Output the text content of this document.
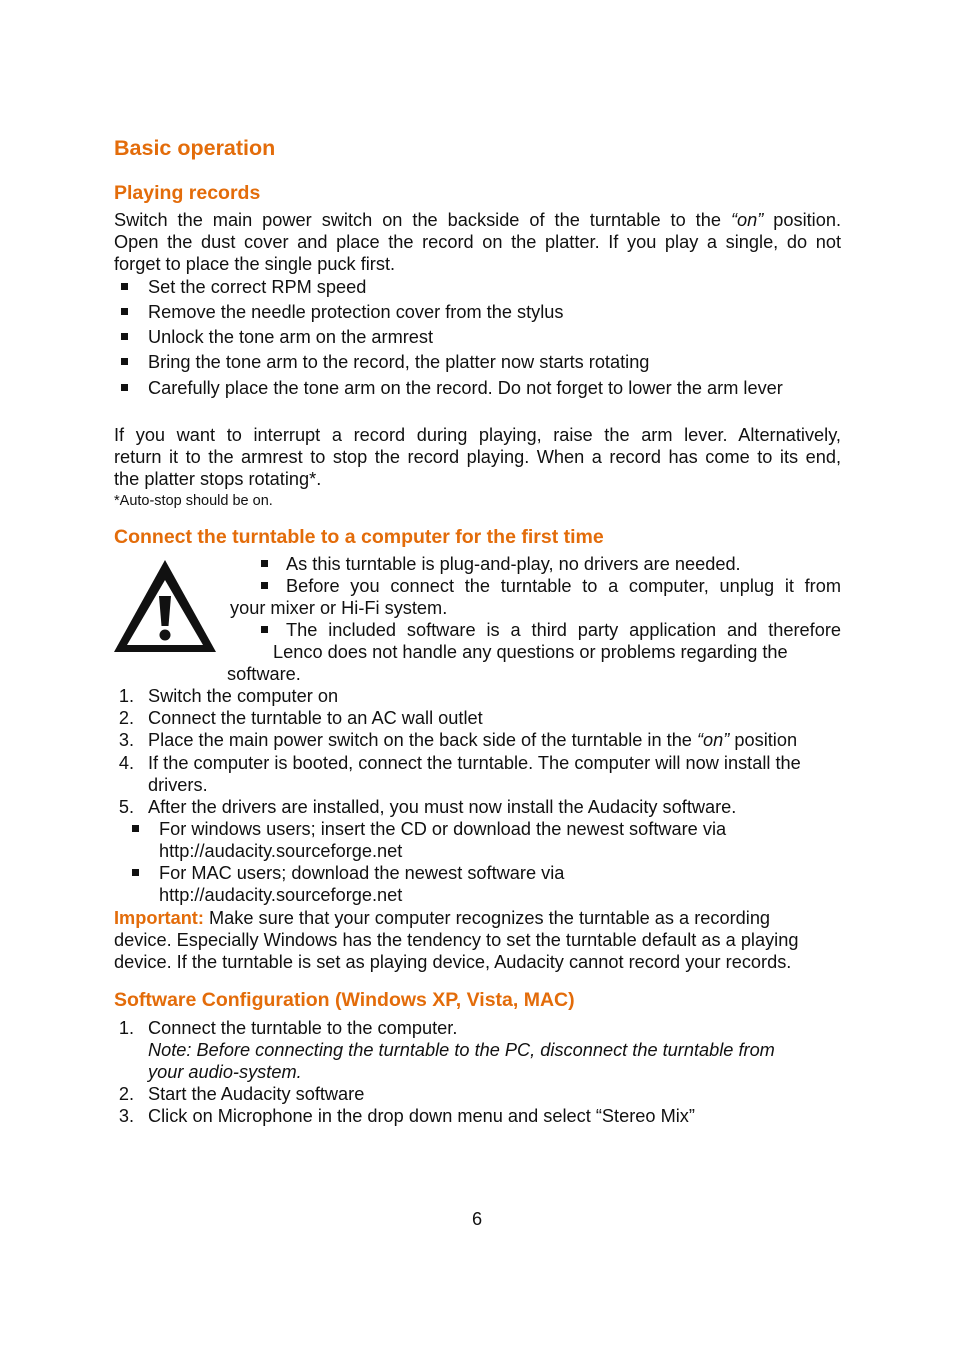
Basic operation
Playing records
Switch the main power switch on the backside of the turntable to the “on” position.
Open the dust cover and place the record on the platter. If you play a single, do not
forget to place the single puck first.
Set the correct RPM speed
Remove the needle protection cover from the stylus
Unlock the tone arm on the armrest
Bring the tone arm to the record, the platter now starts rotating
Carefully place the tone arm on the record. Do not forget to lower the arm lever
If you want to interrupt a record during playing, raise the arm lever. Alternatively,
return it to the armrest to stop the record playing. When a record has come to its end,
the platter stops rotating*.
*Auto-stop should be on.
Connect the turntable to a computer for the first time
As this turntable is plug-and-play, no drivers are needed.
Before you connect the turntable to a computer, unplug it from
your mixer or Hi-Fi system.
The included software is a third party application and therefore
Lenco does not handle any questions or problems regarding the
software.
1. Switch the computer on
2. Connect the turntable to an AC wall outlet
3. Place the main power switch on the back side of the turntable in the “on” position
4. If the computer is booted, connect the turntable. The computer will now install the
drivers.
5. After the drivers are installed, you must now install the Audacity software.
For windows users; insert the CD or download the newest software via
http://audacity.sourceforge.net
For MAC users; download the newest software via
http://audacity.sourceforge.net
Important: Make sure that your computer recognizes the turntable as a recording
device. Especially Windows has the tendency to set the turntable default as a playing
device. If the turntable is set as playing device, Audacity cannot record your records.
Software Configuration (Windows XP, Vista, MAC)
1. Connect the turntable to the computer.
Note: Before connecting the turntable to the PC, disconnect the turntable from
your audio-system.
2. Start the Audacity software
3. Click on Microphone in the drop down menu and select “Stereo Mix”
6
